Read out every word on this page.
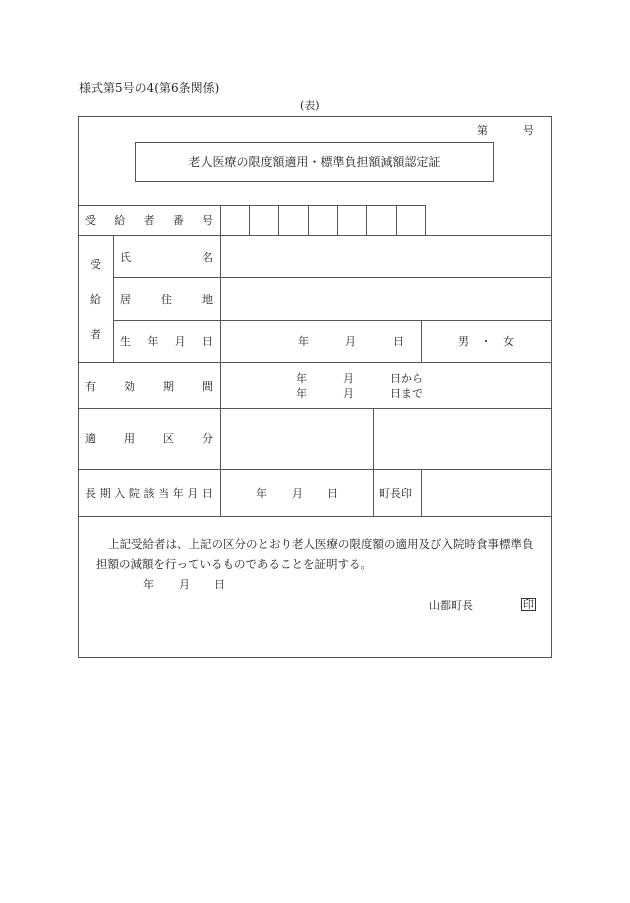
様式第5号の4(第6条関係)
(表)
第	号
老人医療の限度額適用・標準負担額減額認定証
受 給 者 番 号
受
給
者
氏	名
居	住	地
生 年 月 日	年	月	日	男 ・ 女
有	効	期	間
年	月	日から
年	月	日まで
適	用	区	分
長 期 入 院 該 当 年 月 日	年 月 日	町長印
上記受給者は、上記の区分のとおり老人医療の限度額の適用及び入院時食事標準負
担額の減額を行っているものであることを証明する。
年 月 日
山都町長	印
